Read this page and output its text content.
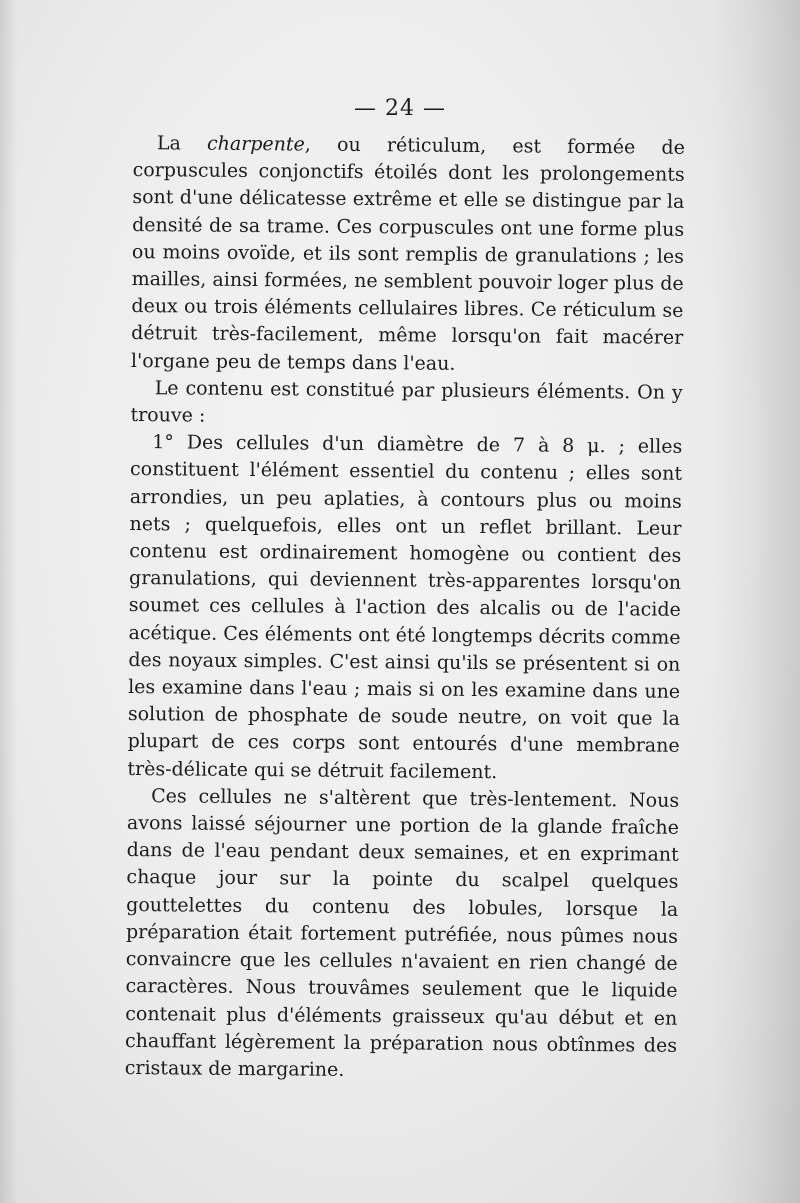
— 24 —

La charpente, ou réticulum, est formée de corpuscules conjonctifs étoilés dont les prolongements sont d'une délicatesse extrême et elle se distingue par la densité de sa trame. Ces corpuscules ont une forme plus ou moins ovoïde, et ils sont remplis de granulations ; les mailles, ainsi formées, ne semblent pouvoir loger plus de deux ou trois éléments cellulaires libres. Ce réticulum se détruit très-facilement, même lorsqu'on fait macérer l'organe peu de temps dans l'eau.

Le contenu est constitué par plusieurs éléments. On y trouve :

1° Des cellules d'un diamètre de 7 à 8 μ. ; elles constituent l'élément essentiel du contenu ; elles sont arrondies, un peu aplaties, à contours plus ou moins nets ; quelquefois, elles ont un reflet brillant. Leur contenu est ordinairement homogène ou contient des granulations, qui deviennent très-apparentes lorsqu'on soumet ces cellules à l'action des alcalis ou de l'acide acétique. Ces éléments ont été longtemps décrits comme des noyaux simples. C'est ainsi qu'ils se présentent si on les examine dans l'eau ; mais si on les examine dans une solution de phosphate de soude neutre, on voit que la plupart de ces corps sont entourés d'une membrane très-délicate qui se détruit facilement.

Ces cellules ne s'altèrent que très-lentement. Nous avons laissé séjourner une portion de la glande fraîche dans de l'eau pendant deux semaines, et en exprimant chaque jour sur la pointe du scalpel quelques gouttelettes du contenu des lobules, lorsque la préparation était fortement putréfiée, nous pûmes nous convaincre que les cellules n'avaient en rien changé de caractères. Nous trouvâmes seulement que le liquide contenait plus d'éléments graisseux qu'au début et en chauffant légèrement la préparation nous obtînmes des cristaux de margarine.
